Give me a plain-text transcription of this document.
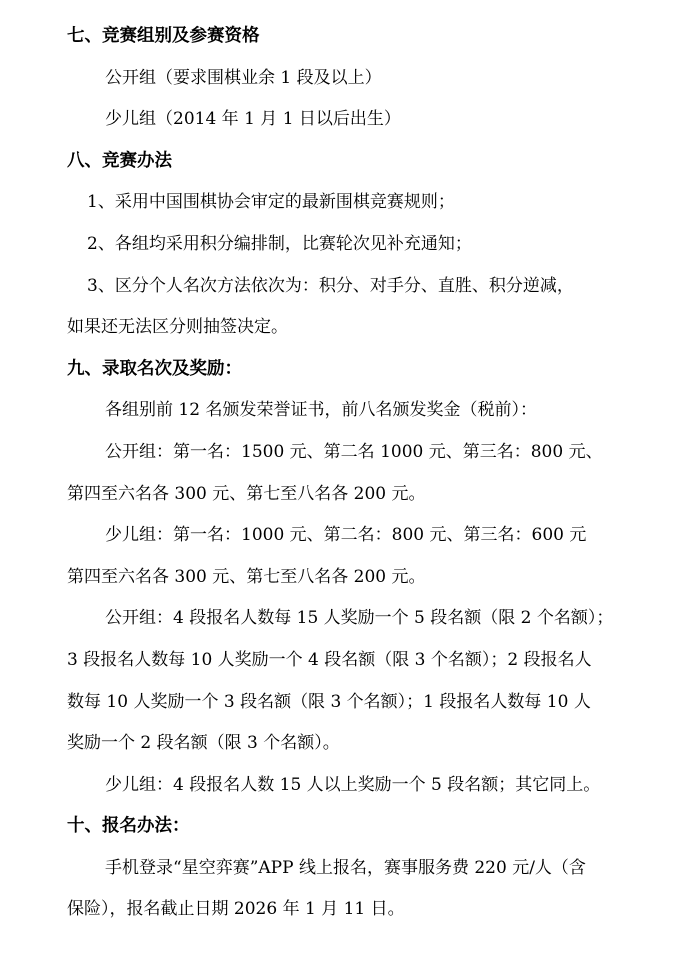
七、竞赛组别及参赛资格
公开组（要求围棋业余 1 段及以上）
少儿组（2014 年 1 月 1 日以后出生）
八、竞赛办法
1、采用中国围棋协会审定的最新围棋竞赛规则；
2、各组均采用积分编排制，比赛轮次见补充通知；
3、区分个人名次方法依次为：积分、对手分、直胜、积分逆减，
如果还无法区分则抽签决定。
九、录取名次及奖励：
各组别前 12 名颁发荣誉证书，前八名颁发奖金（税前）：
公开组：第一名：1500 元、第二名 1000 元、第三名：800 元、
第四至六名各 300 元、第七至八名各 200 元。
少儿组：第一名：1000 元、第二名：800 元、第三名：600 元
第四至六名各 300 元、第七至八名各 200 元。
公开组：4 段报名人数每 15 人奖励一个 5 段名额（限 2 个名额）；
3 段报名人数每 10 人奖励一个 4 段名额（限 3 个名额）；2 段报名人
数每 10 人奖励一个 3 段名额（限 3 个名额）；1 段报名人数每 10 人
奖励一个 2 段名额（限 3 个名额）。
少儿组：4 段报名人数 15 人以上奖励一个 5 段名额；其它同上。
十、报名办法：
手机登录“星空弈赛”APP 线上报名，赛事服务费 220 元/人（含
保险），报名截止日期 2026 年 1 月 11 日。
